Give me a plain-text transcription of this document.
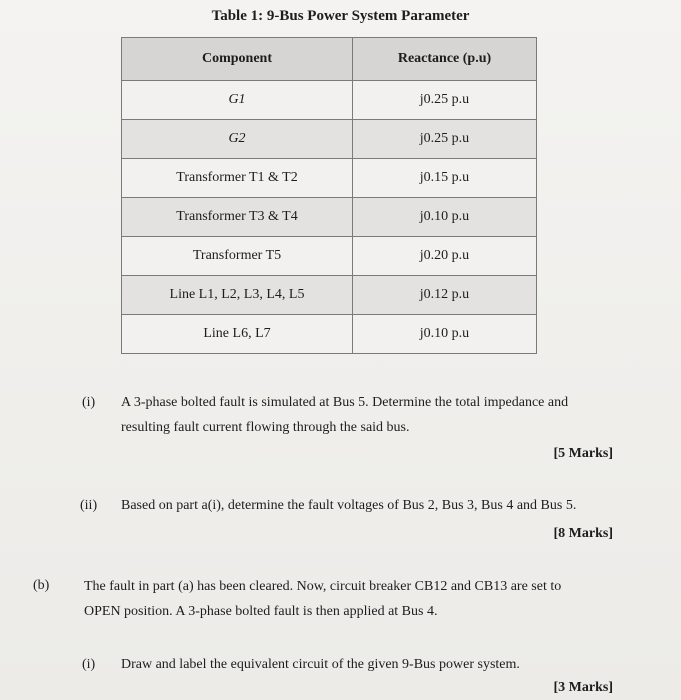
Table 1: 9-Bus Power System Parameter
Component	Reactance (p.u)
G1	j0.25 p.u
G2	j0.25 p.u
Transformer T1 & T2	j0.15 p.u
Transformer T3 & T4	j0.10 p.u
Transformer T5	j0.20 p.u
Line L1, L2, L3, L4, L5	j0.12 p.u
Line L6, L7	j0.10 p.u
(i) A 3-phase bolted fault is simulated at Bus 5. Determine the total impedance and
resulting fault current flowing through the said bus.
[5 Marks]
(ii) Based on part a(i), determine the fault voltages of Bus 2, Bus 3, Bus 4 and Bus 5.
[8 Marks]
(b) The fault in part (a) has been cleared. Now, circuit breaker CB12 and CB13 are set to
OPEN position. A 3-phase bolted fault is then applied at Bus 4.
(i) Draw and label the equivalent circuit of the given 9-Bus power system.
[3 Marks]
